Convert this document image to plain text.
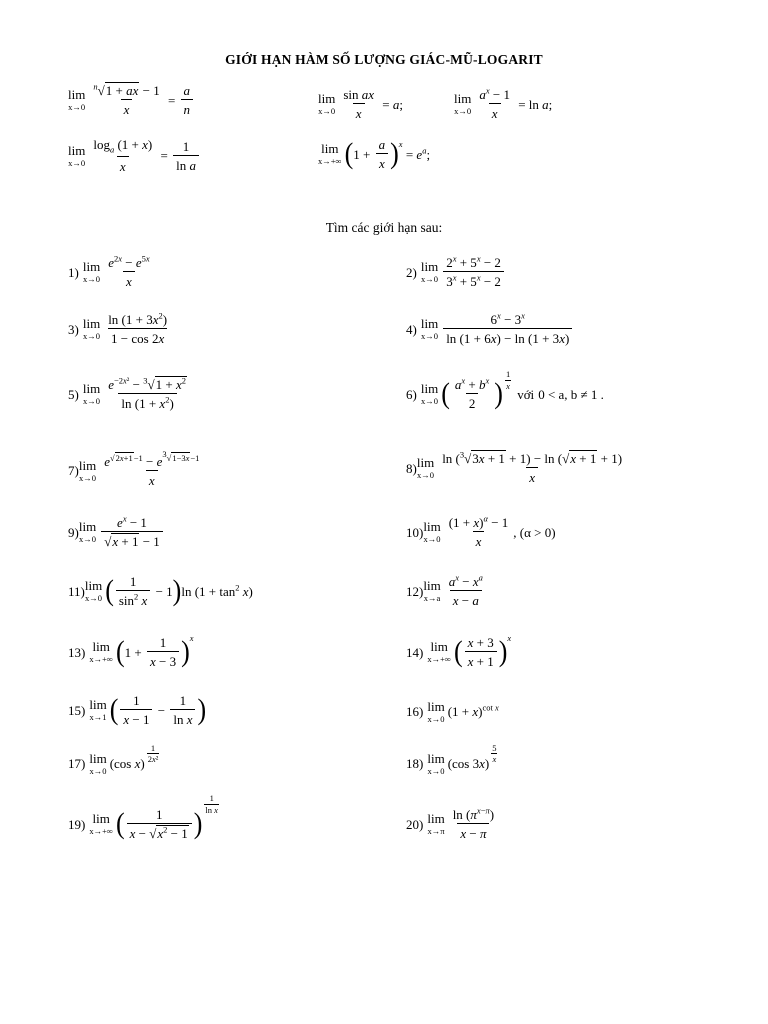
GIỚI HẠN HÀM SỐ LƯỢNG GIÁC-MŨ-LOGARIT
lim
$x\to 0 \frac{^n√1 + ax - 1}{x} = \frac{a}{n}$	lim
$x\to 0 \frac{\text{sin ax}}{x} = a$;	lim
$x\to 0 \frac{a^x - 1}{x} = \ln a$;
lim
$x\to 0 \frac{\log_a (1 + x)}{x} = \frac{1}{\text{ln a}}$	lim
x→+∞ ( $1 + \frac{a}{x} )^x$
= $e^a$;
Tìm các giới hạn sau:
1) lim
$x\to 0 \frac{e^{2x} - e^{5x}}{x}$	2) lim
$x\to 0 \frac{2^x + 5^x - 2}{3^x + 5^x - 2}$
3) lim
$x\to 0 \frac{\ln (1 + 3x^2)}{1 - \cos 2x}$	4) lim
$x\to 0 \frac{6^x - 3^x}{\ln (1 + 6x) - \ln (1 + 3x)}$
5) lim
$x\to 0 \frac{e^{-2x^2} - ^3√1 + x^2}{\ln (1 + x^2)}$	6) lim
x→0 ( $\frac{a^x + b^x}{2}$ ) $\frac{1}{x}$
với 0 < a, b ≠ 1 .
7) lim
$x\to 0 \frac{e^{√2x+1-1} - e^{^3√1-3x-1}}{x}$	8) lim
$x\to 0 \frac{\ln (^3√3x + 1 + 1) - \ln (√x + 1 + 1)}{x}$
9) lim
$x\to 0 \frac{e^x - 1}{√x + 1 - 1}$	10) lim
$x\to 0 \frac{(1 + x)^\alpha - 1}{x}$ , (α > 0)
11) lim
x→0 ( $\frac{1}{\sin^2 x} - 1$ ) $\ln (1 + \tan^2 x)$	12) lim
$x\to a \frac{a^x - x^a}{x - a}$
13) lim
x→+∞ ( $1 + \frac{1}{x - 3} )^x$
14) lim
x→+∞ ( $\frac{x + 3}{x + 1} )^x$
15) lim
x→1 ( $\frac{1}{x - 1} - \frac{1}{\text{ln x}}$ )	16) lim
x→0 $(1 + x)^{cot x}$
17) lim
x→0 (cos $x) \frac{1}{\text{2x²}}$	18) lim
x→0 (cos $3x) \frac{5}{x}$
19) lim
x→+∞ ( $\frac{1}{x - √x^2 - 1}$ )
$\frac{1}{\text{ln x}}$
20) lim
$x\to\pi \frac{\ln (\pi^{x-\pi})}{x - \pi}$
